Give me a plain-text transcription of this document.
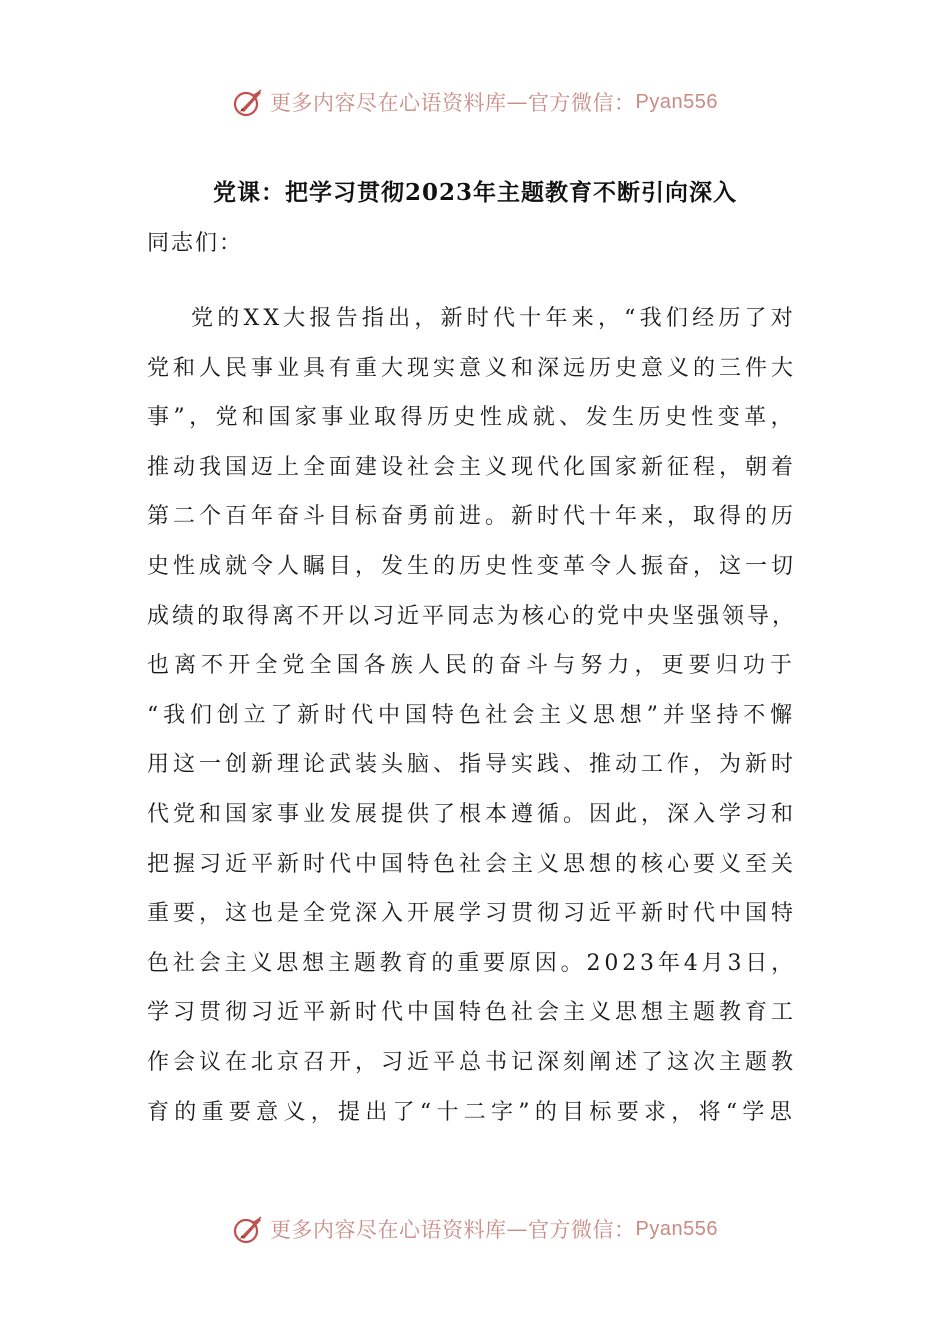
更多内容尽在心语资料库 — 官方微信： Pyan556
党课：把学习贯彻2023年主题教育不断引向深入

同志们：

党的XX大报告指出，新时代十年来，“我们经历了对
党和人民事业具有重大现实意义和深远历史意义的三件大
事”，党和国家事业取得历史性成就、发生历史性变革，
推动我国迈上全面建设社会主义现代化国家新征程，朝着
第二个百年奋斗目标奋勇前进。新时代十年来，取得的历
史性成就令人瞩目，发生的历史性变革令人振奋，这一切
成绩的取得离不开以习近平同志为核心的党中央坚强领导，
也离不开全党全国各族人民的奋斗与努力，更要归功于
“我们创立了新时代中国特色社会主义思想”并坚持不懈
用这一创新理论武装头脑、指导实践、推动工作，为新时
代党和国家事业发展提供了根本遵循。因此，深入学习和
把握习近平新时代中国特色社会主义思想的核心要义至关
重要，这也是全党深入开展学习贯彻习近平新时代中国特
色社会主义思想主题教育的重要原因。2023年4月3日，
学习贯彻习近平新时代中国特色社会主义思想主题教育工
作会议在北京召开，习近平总书记深刻阐述了这次主题教
育的重要意义，提出了“十二字”的目标要求，将“学思
更多内容尽在心语资料库 — 官方微信： Pyan556
